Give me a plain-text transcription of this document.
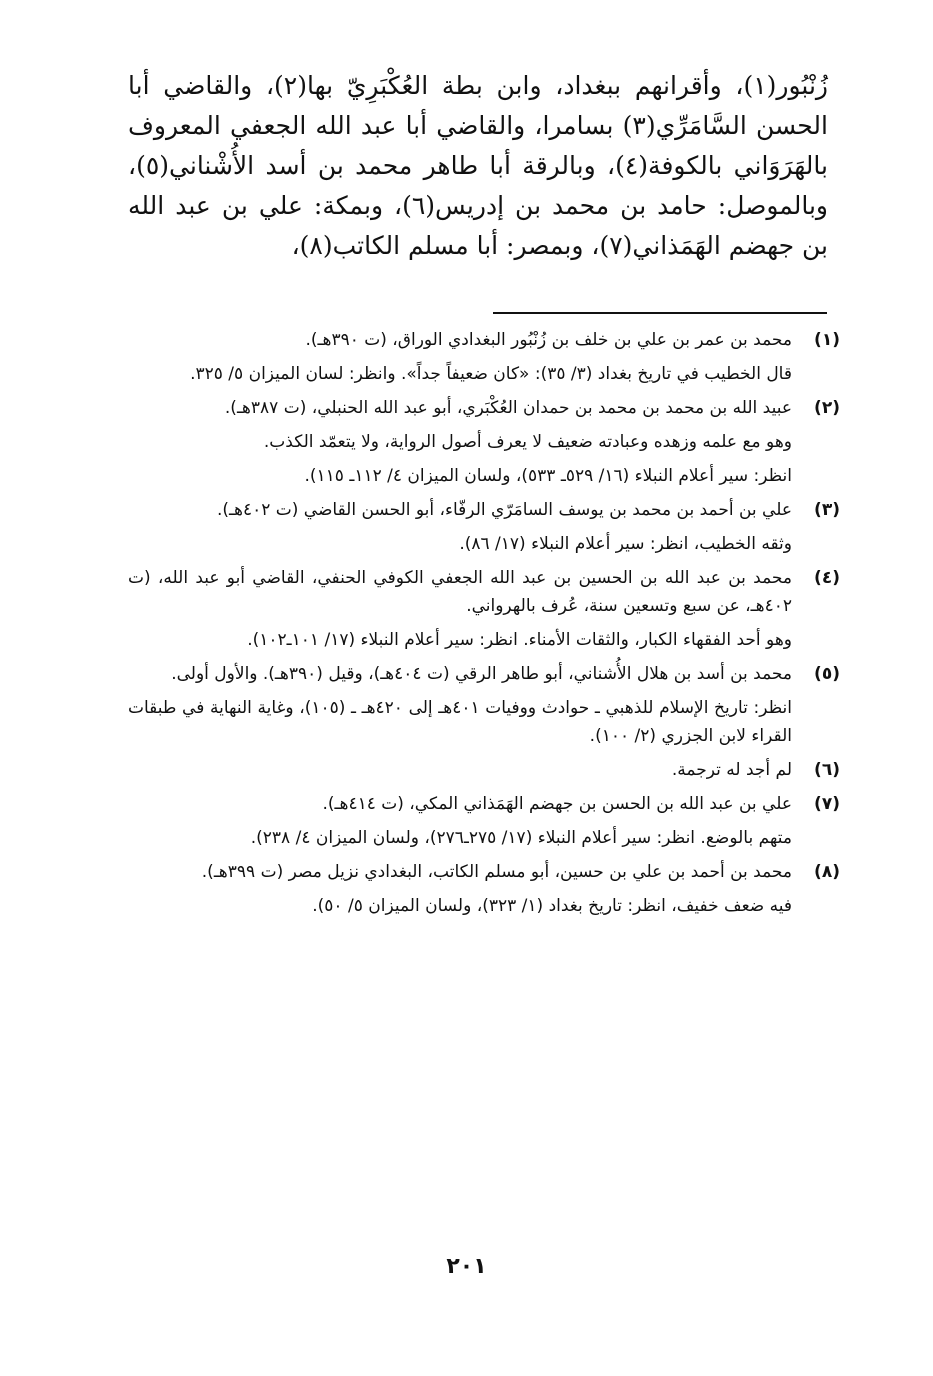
زُنْبُور(١)، وأقرانهم ببغداد، وابن بطة العُكْبَرِيّ بها(٢)، والقاضي أبا الحسن السَّامَرِّي(٣) بسامرا، والقاضي أبا عبد الله الجعفي المعروف بالهَرَوَاني بالكوفة(٤)، وبالرقة أبا طاهر محمد بن أسد الأُشْناني(٥)، وبالموصل: حامد بن محمد بن إدريس(٦)، وبمكة: علي بن عبد الله بن جهضم الهَمَذاني(٧)، وبمصر: أبا مسلم الكاتب(٨)،

(١)

محمد بن عمر بن علي بن خلف بن زُنْبُور البغدادي الوراق، (ت ٣٩٠هـ).

قال الخطيب في تاريخ بغداد (٣/ ٣٥): «كان ضعيفاً جداً». وانظر: لسان الميزان ٥/ ٣٢٥.

(٢)

عبيد الله بن محمد بن محمد بن حمدان العُكْبَري، أبو عبد الله الحنبلي، (ت ٣٨٧هـ).

وهو مع علمه وزهده وعبادته ضعيف لا يعرف أصول الرواية، ولا يتعمّد الكذب.

انظر: سير أعلام النبلاء (١٦/ ٥٢٩ـ ٥٣٣)، ولسان الميزان ٤/ ١١٢ـ ١١٥).

(٣)

علي بن أحمد بن محمد بن يوسف السامَرّي الرفّاء، أبو الحسن القاضي (ت ٤٠٢هـ).

وثقه الخطيب، انظر: سير أعلام النبلاء (١٧/ ٨٦).

(٤)

محمد بن عبد الله بن الحسين بن عبد الله الجعفي الكوفي الحنفي، القاضي أبو عبد الله، (ت ٤٠٢هـ، عن سبع وتسعين سنة، عُرف بالهرواني.

وهو أحد الفقهاء الكبار، والثقات الأمناء. انظر: سير أعلام النبلاء (١٧/ ١٠١ـ١٠٢).

(٥)

محمد بن أسد بن هلال الأُشناني، أبو طاهر الرقي (ت ٤٠٤هـ)، وقيل (٣٩٠هـ). والأول أولى.

انظر: تاريخ الإسلام للذهبي ـ حوادث ووفيات ٤٠١هـ إلى ٤٢٠هـ ـ (١٠٥)، وغاية النهاية في طبقات القراء لابن الجزري (٢/ ١٠٠).

(٦)

لم أجد له ترجمة.

(٧)

علي بن عبد الله بن الحسن بن جهضم الهَمَذاني المكي، (ت ٤١٤هـ).

متهم بالوضع. انظر: سير أعلام النبلاء (١٧/ ٢٧٥ـ٢٧٦)، ولسان الميزان ٤/ ٢٣٨).

(٨)

محمد بن أحمد بن علي بن حسين، أبو مسلم الكاتب، البغدادي نزيل مصر (ت ٣٩٩هـ).

فيه ضعف خفيف، انظر: تاريخ بغداد (١/ ٣٢٣)، ولسان الميزان ٥/ ٥٠).

٢٠١
